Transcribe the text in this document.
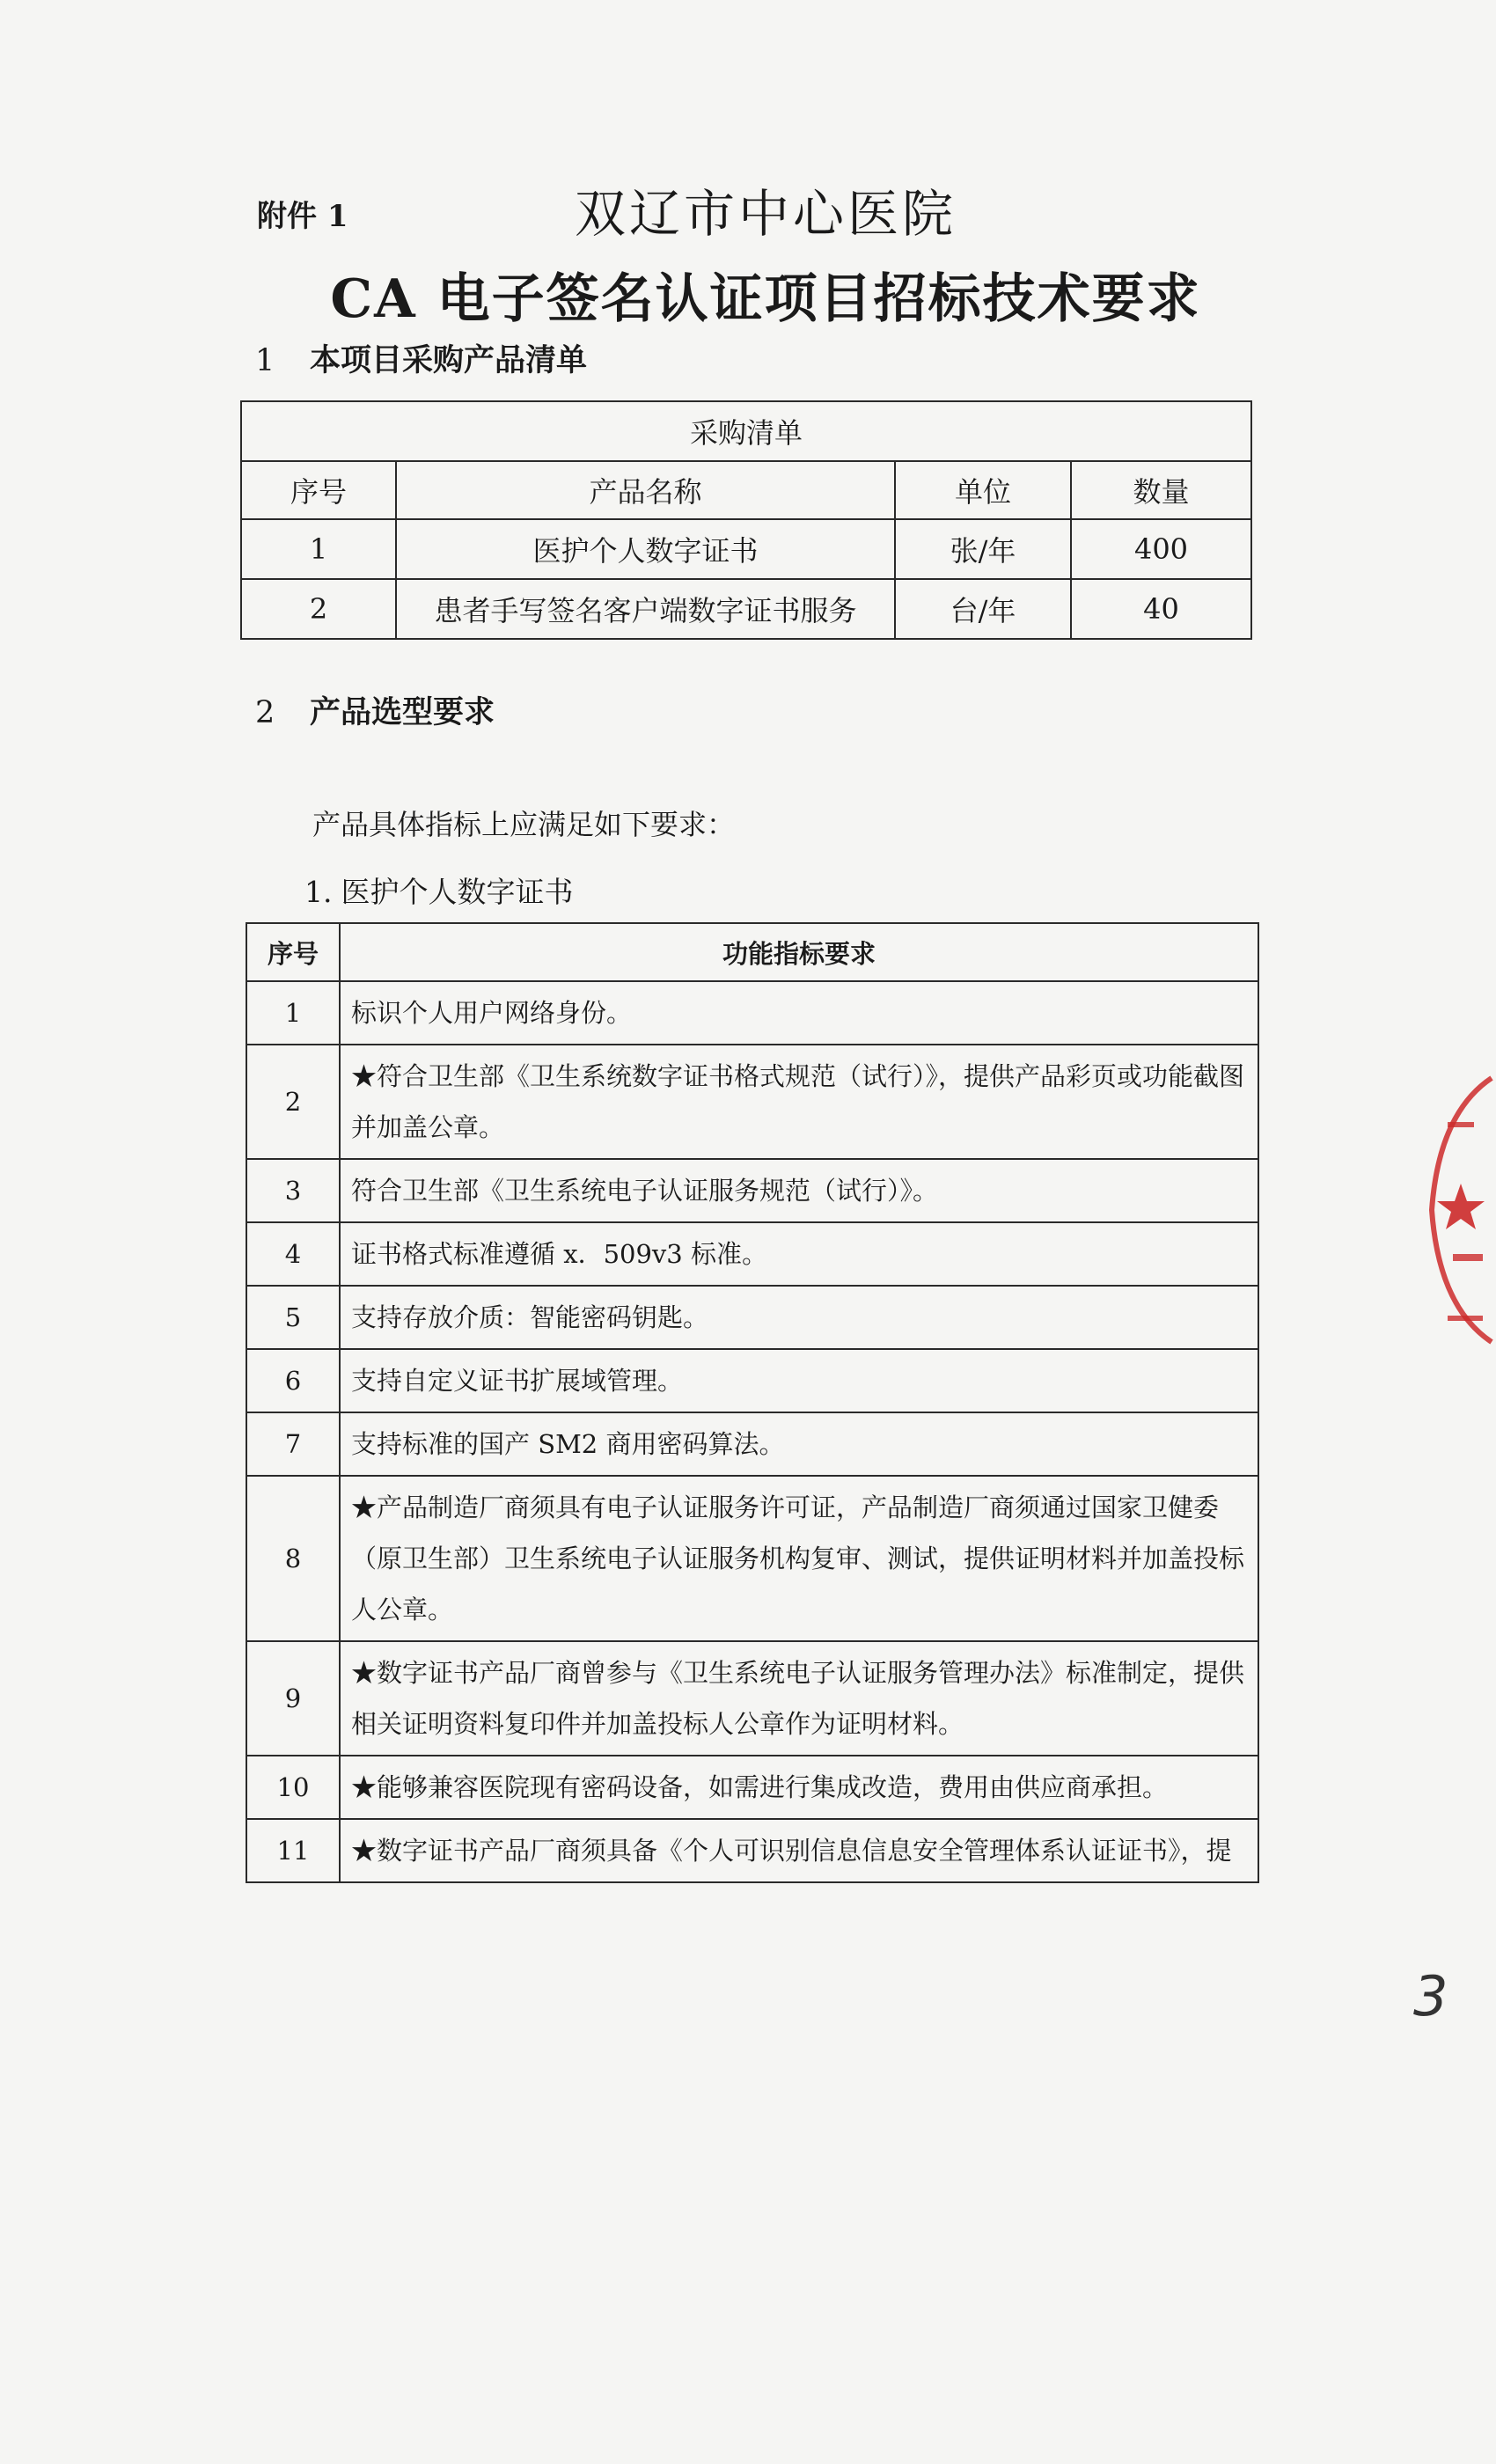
附件 1	双辽市中心医院
CA 电子签名认证项目招标技术要求
1 本项目采购产品清单
采购清单			
序号	产品名称	单位	数量
1	医护个人数字证书	张/年	400
2	患者手写签名客户端数字证书服务	台/年	40
2 产品选型要求
产品具体指标上应满足如下要求：
1. 医护个人数字证书
序号	功能指标要求
1	标识个人用户网络身份。
2	★符合卫生部《卫生系统数字证书格式规范（试行）》，提供产品彩页或功能截图并加盖公章。
3	符合卫生部《卫生系统电子认证服务规范（试行）》。
4	证书格式标准遵循 x．509v3 标准。
5	支持存放介质：智能密码钥匙。
6	支持自定义证书扩展域管理。
7	支持标准的国产 SM2 商用密码算法。
8	★产品制造厂商须具有电子认证服务许可证，产品制造厂商须通过国家卫健委（原卫生部）卫生系统电子认证服务机构复审、测试，提供证明材料并加盖投标人公章。
9	★数字证书产品厂商曾参与《卫生系统电子认证服务管理办法》标准制定，提供相关证明资料复印件并加盖投标人公章作为证明材料。
10	★能够兼容医院现有密码设备，如需进行集成改造，费用由供应商承担。
11	★数字证书产品厂商须具备《个人可识别信息信息安全管理体系认证证书》，提
3
